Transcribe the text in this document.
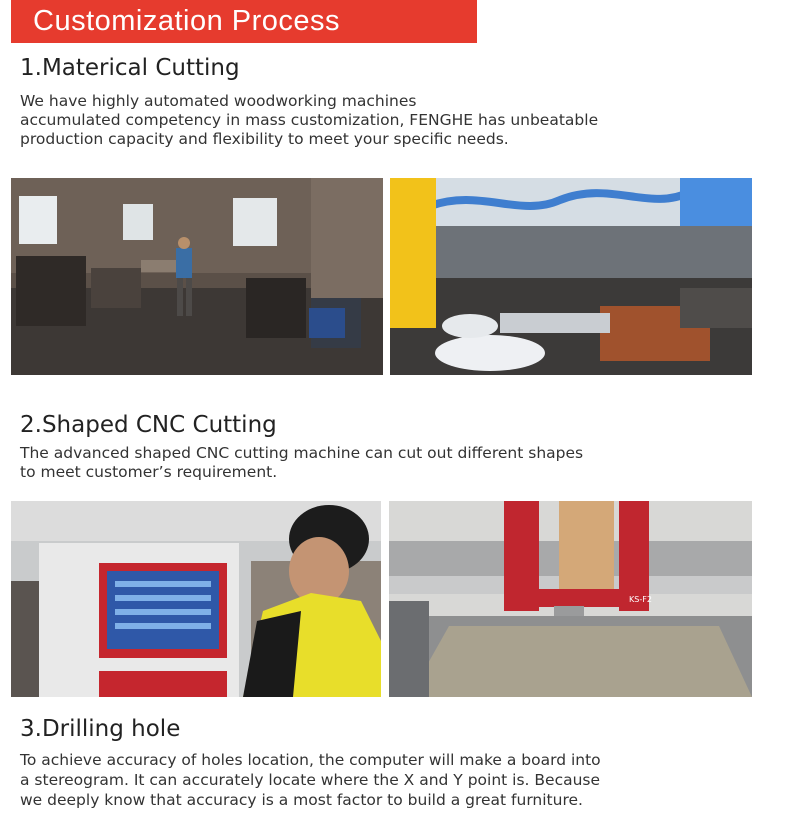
Customization Process
1.Materical Cutting
We have highly automated woodworking machines
accumulated competency in mass customization, FENGHE has unbeatable
production capacity and flexibility to meet your specific needs.
2.Shaped CNC Cutting
The advanced shaped CNC cutting machine can cut out different shapes
to meet customer’s requirement.
KS-F2
3.Drilling hole
To achieve accuracy of holes location, the computer will make a board into
a stereogram. It can accurately locate where the X and Y point is. Because
we deeply know that accuracy is a most factor to build a great furniture.
